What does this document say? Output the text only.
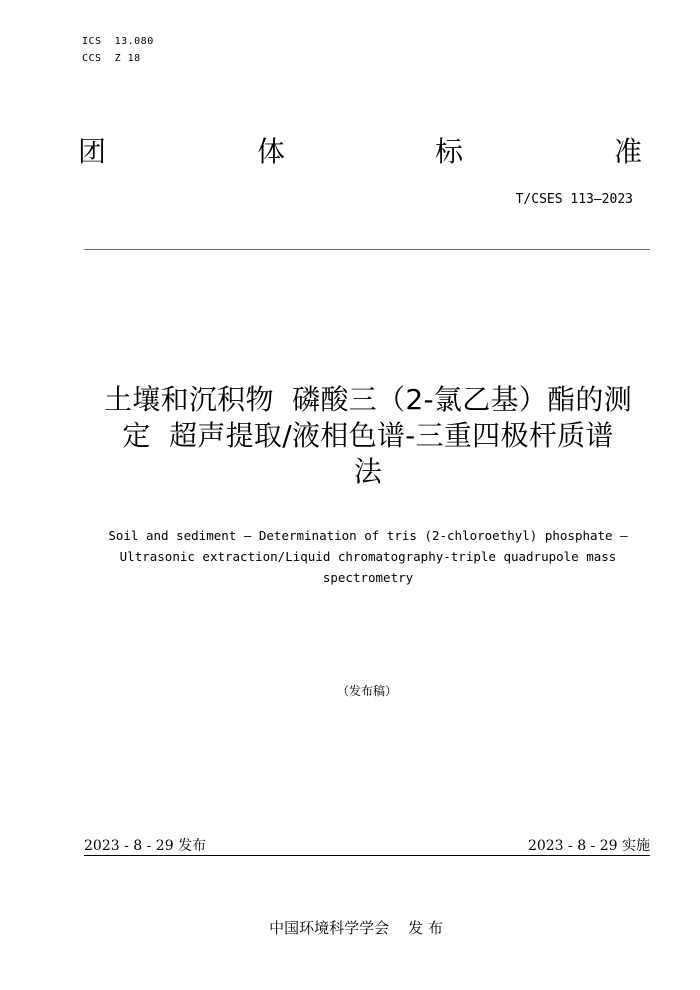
ICS  13.080
CCS  Z 18
团	体	标	准
T/CSES 113—2023
土壤和沉积物  磷酸三（2-氯乙基）酯的测
定  超声提取/液相色谱-三重四极杆质谱
法
Soil and sediment — Determination of tris (2-chloroethyl) phosphate —
Ultrasonic extraction/Liquid chromatography-triple quadrupole mass
spectrometry
（发布稿）
2023 - 8 - 29 发布	2023 - 8 - 29 实施
中国环境科学学会    发 布
